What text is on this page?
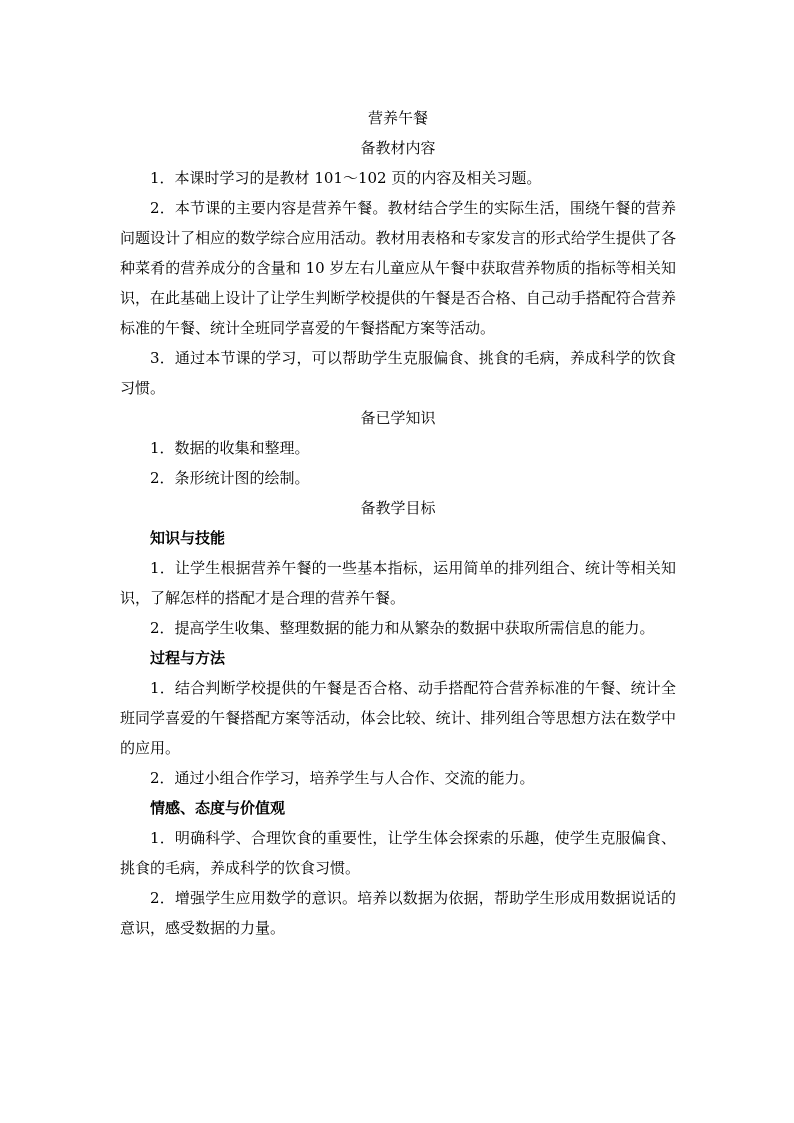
营养午餐
备教材内容

1．本课时学习的是教材 101～102 页的内容及相关习题。

2．本节课的主要内容是营养午餐。教材结合学生的实际生活，围绕午餐的营养问题设计了相应的数学综合应用活动。教材用表格和专家发言的形式给学生提供了各种菜肴的营养成分的含量和 10 岁左右儿童应从午餐中获取营养物质的指标等相关知识，在此基础上设计了让学生判断学校提供的午餐是否合格、自己动手搭配符合营养标准的午餐、统计全班同学喜爱的午餐搭配方案等活动。

3．通过本节课的学习，可以帮助学生克服偏食、挑食的毛病，养成科学的饮食习惯。

备已学知识

1．数据的收集和整理。

2．条形统计图的绘制。

备教学目标
知识与技能

1．让学生根据营养午餐的一些基本指标，运用简单的排列组合、统计等相关知识，了解怎样的搭配才是合理的营养午餐。

2．提高学生收集、整理数据的能力和从繁杂的数据中获取所需信息的能力。

过程与方法

1．结合判断学校提供的午餐是否合格、动手搭配符合营养标准的午餐、统计全班同学喜爱的午餐搭配方案等活动，体会比较、统计、排列组合等思想方法在数学中的应用。

2．通过小组合作学习，培养学生与人合作、交流的能力。

情感、态度与价值观

1．明确科学、合理饮食的重要性，让学生体会探索的乐趣，使学生克服偏食、挑食的毛病，养成科学的饮食习惯。

2．增强学生应用数学的意识。培养以数据为依据，帮助学生形成用数据说话的意识，感受数据的力量。
